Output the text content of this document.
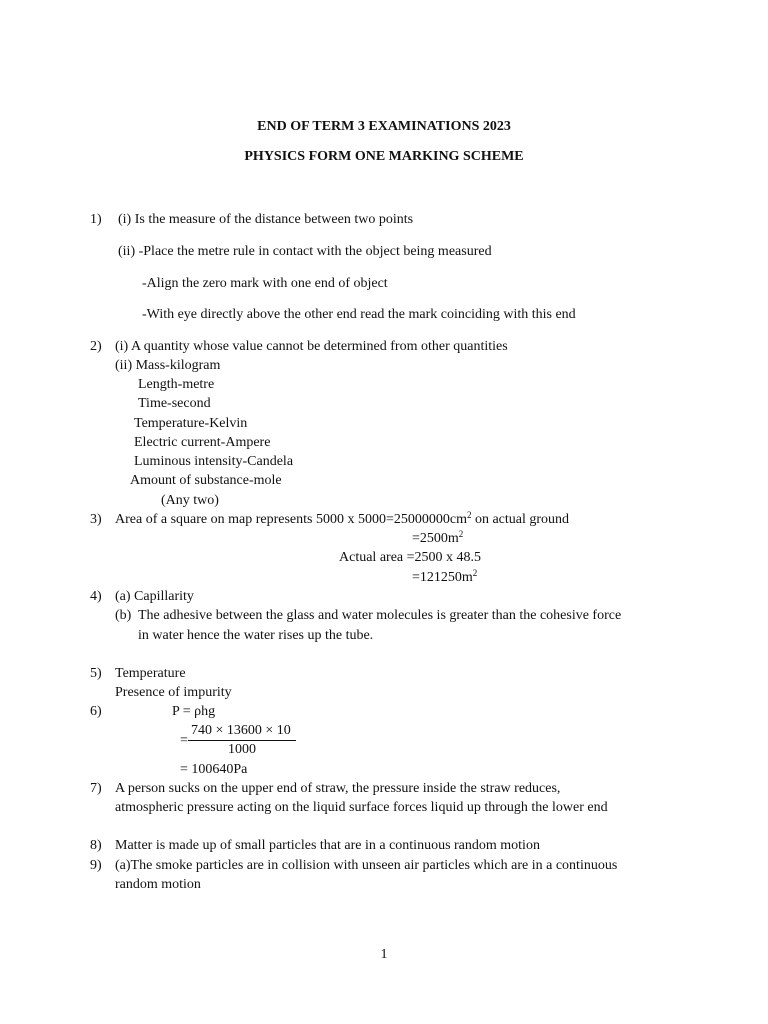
END OF TERM 3 EXAMINATIONS 2023
PHYSICS FORM ONE MARKING SCHEME
1) (i) Is the measure of the distance between two points
(ii) -Place the metre rule in contact with the object being measured
-Align the zero mark with one end of object
-With eye directly above the other end read the mark coinciding with this end
2) (i) A quantity whose value cannot be determined from other quantities
(ii) Mass-kilogram
Length-metre
Time-second
Temperature-Kelvin
Electric current-Ampere
Luminous intensity-Candela
Amount of substance-mole
(Any two)
3) Area of a square on map represents 5000 x $5000=25000000cm^2$ on actual ground
$=2500m^2$
Actual area =2500 x 48.5
$=121250m^2$
4) (a) Capillarity
(b) The adhesive between the glass and water molecules is greater than the cohesive force
in water hence the water rises up the tube.
5) Temperature
Presence of impurity
6)	P = ρhg
=
740 × 13600 × 10
1000
= 100640Pa
7) A person sucks on the upper end of straw, the pressure inside the straw reduces,
atmospheric pressure acting on the liquid surface forces liquid up through the lower end
8) Matter is made up of small particles that are in a continuous random motion
9) (a)The smoke particles are in collision with unseen air particles which are in a continuous
random motion
1
